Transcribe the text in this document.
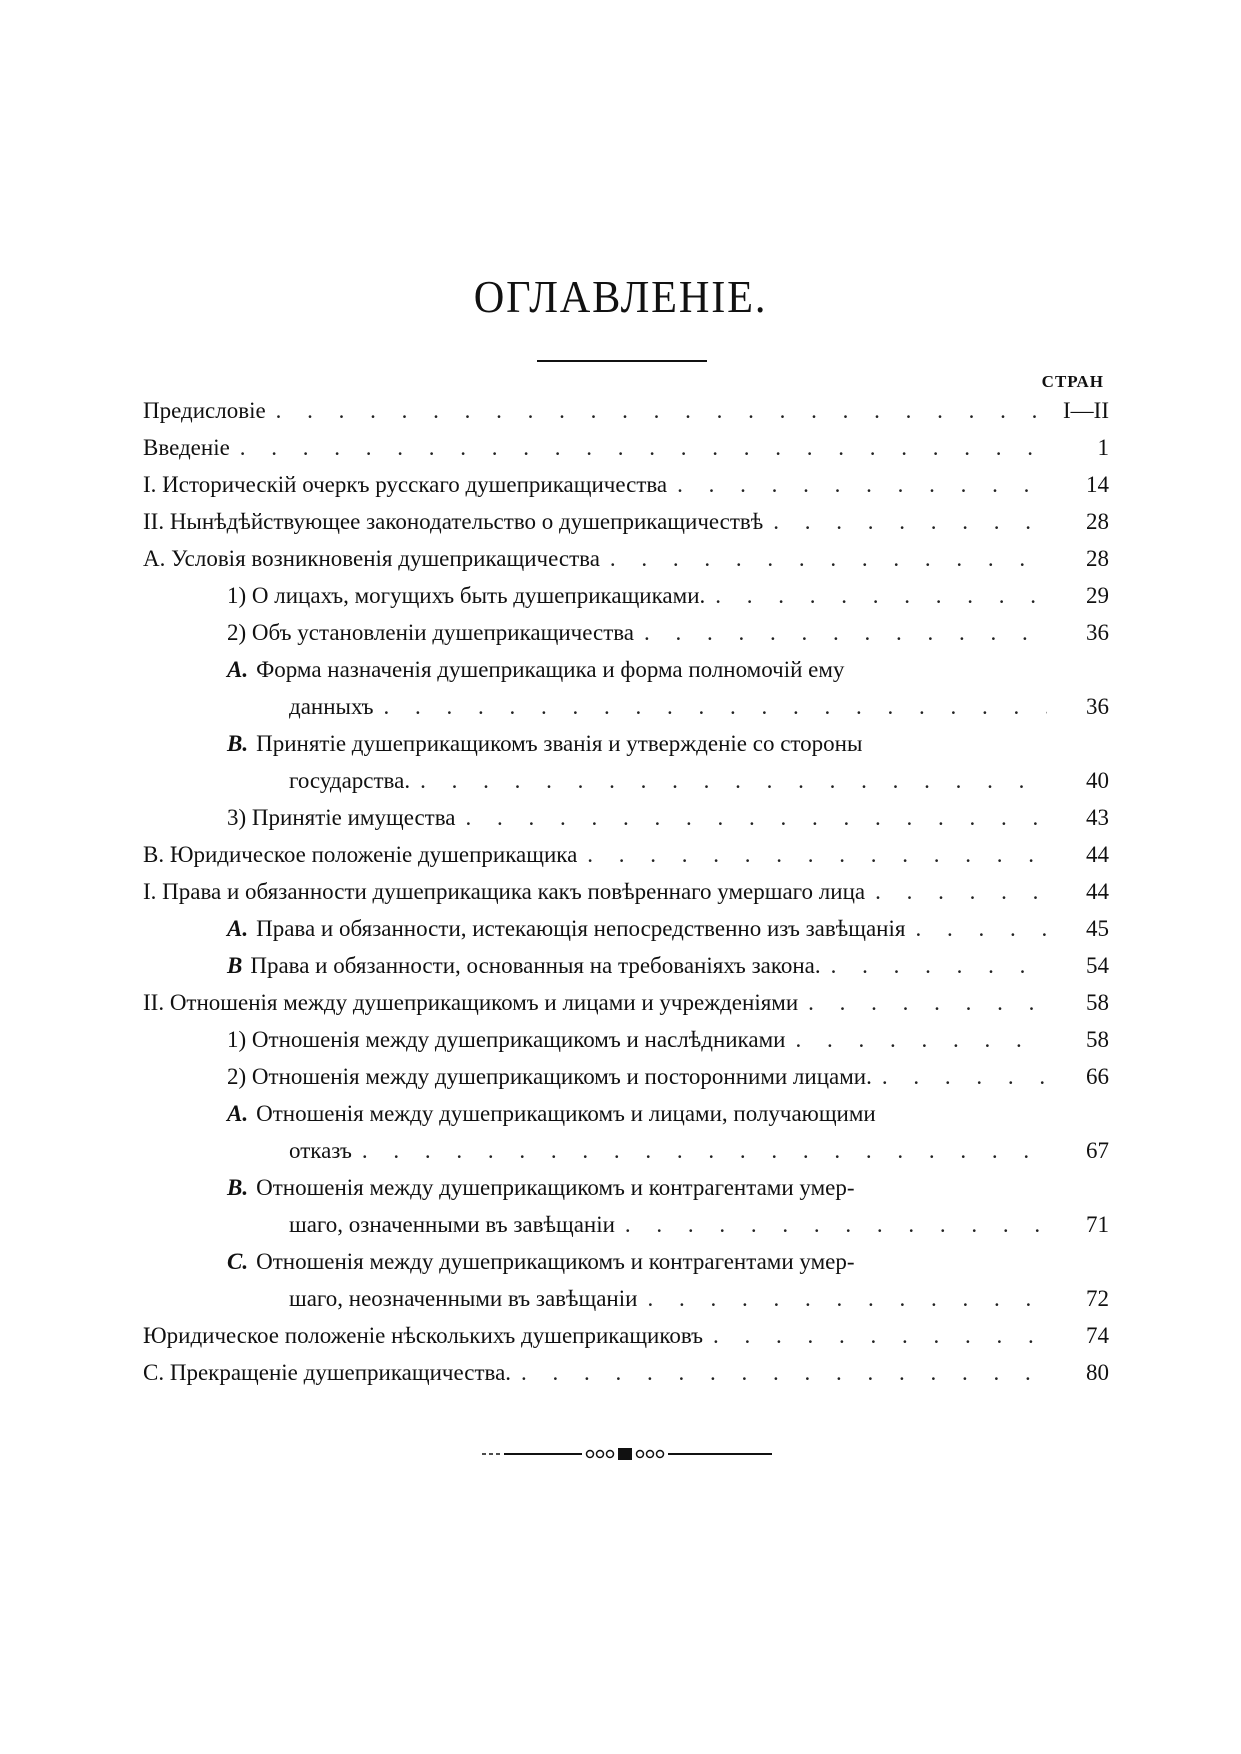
ОГЛАВЛЕНІЕ.
СТРАН
Предисловіе . . .	I—II
Введеніе . . .	1
I. Историческій очеркъ русскаго душеприкащичества . . .	14
II. Нынѣдѣйствующее законодательство о душеприкащичествѣ . . .	28
А. Условія возникновенія душеприкащичества . . .	28
1) О лицахъ, могущихъ быть душеприкащиками. . . .	29
2) Объ установленіи душеприкащичества . . .	36
А. Форма назначенія душеприкащика и форма полномочій ему
данныхъ . . .	36
В. Принятіе душеприкащикомъ званія и утвержденіе со стороны
государства. . . .	40
3) Принятіе имущества . . .	43
В. Юридическое положеніе душеприкащика . . .	44
I. Права и обязанности душеприкащика какъ повѣреннаго умершаго лица . . .	44
А. Права и обязанности, истекающія непосредственно изъ завѣщанія . . .	45
В Права и обязанности, основанныя на требованіяхъ закона. . . .	54
II. Отношенія между душеприкащикомъ и лицами и учрежденіями . . .	58
1) Отношенія между душеприкащикомъ и наслѣдниками . . .	58
2) Отношенія между душеприкащикомъ и посторонними лицами. . . .	66
А. Отношенія между душеприкащикомъ и лицами, получающими
отказъ . . .	67
В. Отношенія между душеприкащикомъ и контрагентами умер-
шаго, означенными въ завѣщаніи . . .	71
С. Отношенія между душеприкащикомъ и контрагентами умер-
шаго, неозначенными въ завѣщаніи . . .	72
Юридическое положеніе нѣсколькихъ душеприкащиковъ . . .	74
С. Прекращеніе душеприкащичества. . . .	80
